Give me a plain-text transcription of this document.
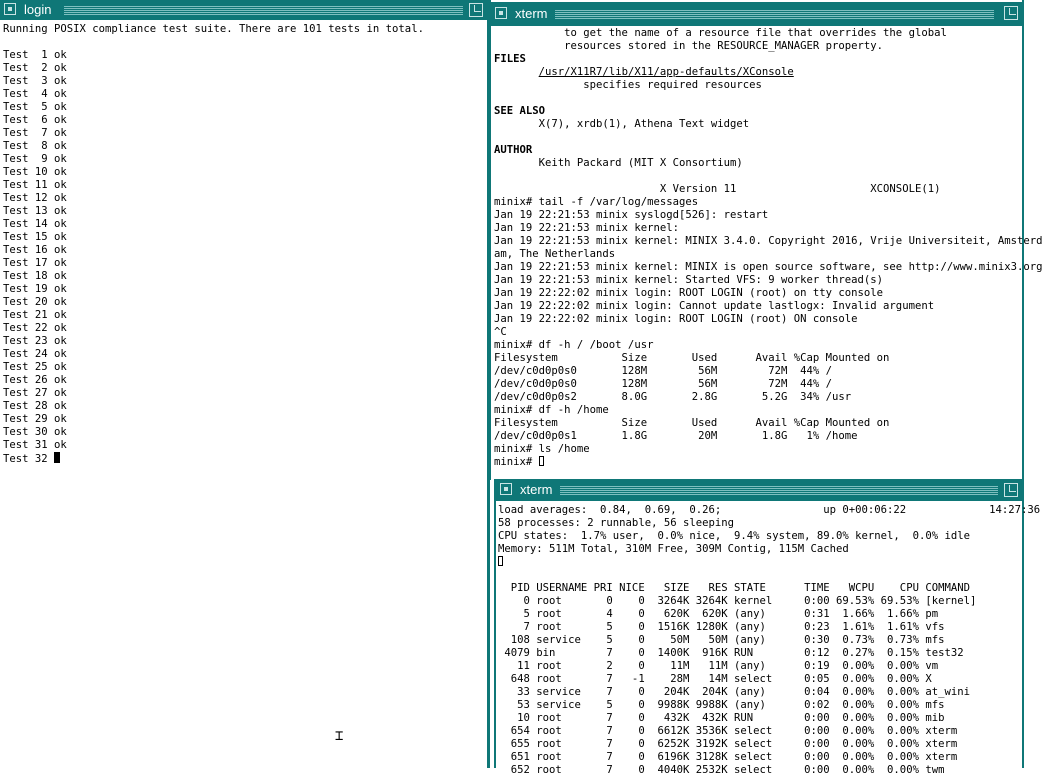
login
Running POSIX compliance test suite. There are 101 tests in total.

Test  1 ok
Test  2 ok
Test  3 ok
Test  4 ok
Test  5 ok
Test  6 ok
Test  7 ok
Test  8 ok
Test  9 ok
Test 10 ok
Test 11 ok
Test 12 ok
Test 13 ok
Test 14 ok
Test 15 ok
Test 16 ok
Test 17 ok
Test 18 ok
Test 19 ok
Test 20 ok
Test 21 ok
Test 22 ok
Test 23 ok
Test 24 ok
Test 25 ok
Test 26 ok
Test 27 ok
Test 28 ok
Test 29 ok
Test 30 ok
Test 31 ok
Test 32
xterm
to get the name of a resource file that overrides the global
resources stored in the RESOURCE_MANAGER property.
FILES
/usr/X11R7/lib/X11/app-defaults/XConsole
specifies required resources

SEE ALSO
X(7), xrdb(1), Athena Text widget

AUTHOR
Keith Packard (MIT X Consortium)

X Version 11                     XCONSOLE(1)
minix# tail -f /var/log/messages
Jan 19 22:21:53 minix syslogd[526]: restart
Jan 19 22:21:53 minix kernel:
Jan 19 22:21:53 minix kernel: MINIX 3.4.0. Copyright 2016, Vrije Universiteit, Amsterd
am, The Netherlands
Jan 19 22:21:53 minix kernel: MINIX is open source software, see http://www.minix3.org
Jan 19 22:21:53 minix kernel: Started VFS: 9 worker thread(s)
Jan 19 22:22:02 minix login: ROOT LOGIN (root) on tty console
Jan 19 22:22:02 minix login: Cannot update lastlogx: Invalid argument
Jan 19 22:22:02 minix login: ROOT LOGIN (root) ON console
^C
minix# df -h / /boot /usr
Filesystem          Size       Used      Avail %Cap Mounted on
/dev/c0d0p0s0       128M        56M        72M  44% /
/dev/c0d0p0s0       128M        56M        72M  44% /
/dev/c0d0p0s2       8.0G       2.8G       5.2G  34% /usr
minix# df -h /home
Filesystem          Size       Used      Avail %Cap Mounted on
/dev/c0d0p0s1       1.8G        20M       1.8G   1% /home
minix# ls /home
minix#
xterm
load averages:  0.84,  0.69,  0.26;                up 0+00:06:22             14:27:36
58 processes: 2 runnable, 56 sleeping
CPU states:  1.7% user,  0.0% nice,  9.4% system, 89.0% kernel,  0.0% idle
Memory: 511M Total, 310M Free, 309M Contig, 115M Cached

PID USERNAME PRI NICE   SIZE   RES STATE      TIME   WCPU    CPU COMMAND
0 root       0    0  3264K 3264K kernel     0:00 69.53% 69.53% [kernel]
5 root       4    0   620K  620K (any)      0:31  1.66%  1.66% pm
7 root       5    0  1516K 1280K (any)      0:23  1.61%  1.61% vfs
108 service    5    0    50M   50M (any)      0:30  0.73%  0.73% mfs
4079 bin        7    0  1400K  916K RUN        0:12  0.27%  0.15% test32
11 root       2    0    11M   11M (any)      0:19  0.00%  0.00% vm
648 root       7   -1    28M   14M select     0:05  0.00%  0.00% X
33 service    7    0   204K  204K (any)      0:04  0.00%  0.00% at_wini
53 service    5    0  9988K 9988K (any)      0:02  0.00%  0.00% mfs
10 root       7    0   432K  432K RUN        0:00  0.00%  0.00% mib
654 root       7    0  6612K 3536K select     0:00  0.00%  0.00% xterm
655 root       7    0  6252K 3192K select     0:00  0.00%  0.00% xterm
651 root       7    0  6196K 3128K select     0:00  0.00%  0.00% xterm
652 root       7    0  4040K 2532K select     0:00  0.00%  0.00% twm
⌶
